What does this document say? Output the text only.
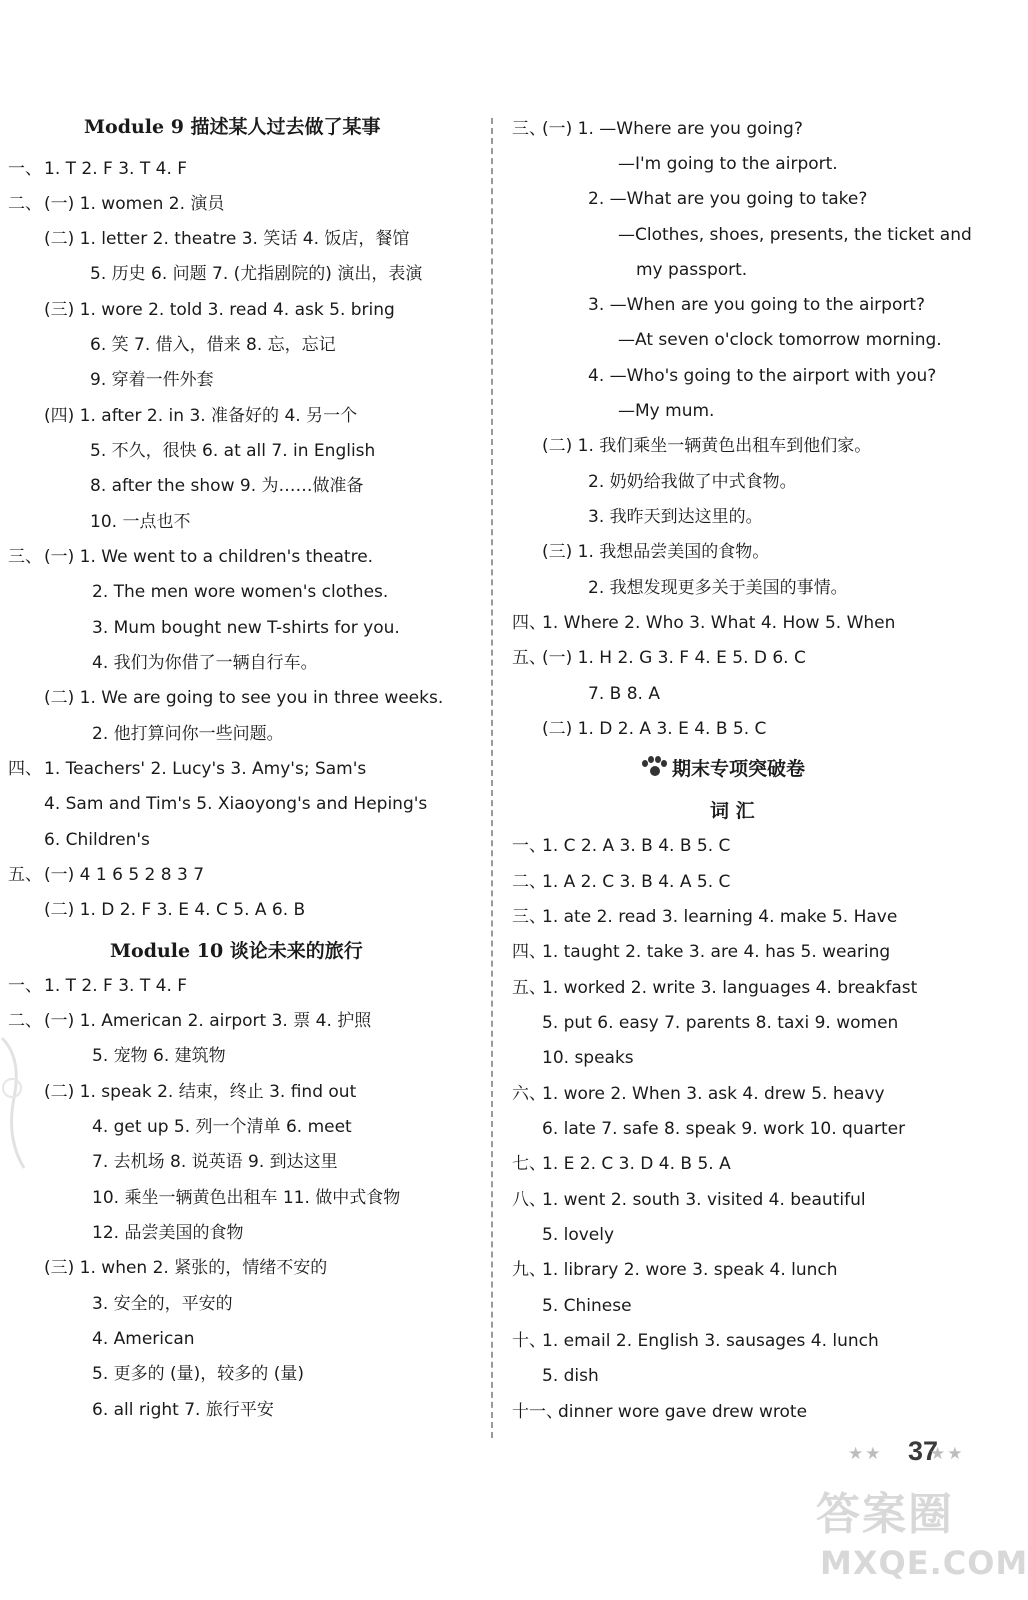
Module 9 描述某人过去做了某事
一、 1. T 2. F 3. T 4. F
二、 (一) 1. women 2. 演员
(二) 1. letter 2. theatre 3. 笑话 4. 饭店，餐馆
5. 历史 6. 问题 7. (尤指剧院的) 演出，表演
(三) 1. wore 2. told 3. read 4. ask 5. bring
6. 笑 7. 借入，借来 8. 忘，忘记
9. 穿着一件外套
(四) 1. after 2. in 3. 准备好的 4. 另一个
5. 不久，很快 6. at all 7. in English
8. after the show 9. 为……做准备
10. 一点也不
三、 (一) 1. We went to a children's theatre.
2. The men wore women's clothes.
3. Mum bought new T-shirts for you.
4. 我们为你借了一辆自行车。
(二) 1. We are going to see you in three weeks.
2. 他打算问你一些问题。
四、 1. Teachers' 2. Lucy's 3. Amy's; Sam's
4. Sam and Tim's 5. Xiaoyong's and Heping's
6. Children's
五、 (一) 4 1 6 5 2 8 3 7
(二) 1. D 2. F 3. E 4. C 5. A 6. B
Module 10 谈论未来的旅行
一、 1. T 2. F 3. T 4. F
二、 (一) 1. American 2. airport 3. 票 4. 护照
5. 宠物 6. 建筑物
(二) 1. speak 2. 结束，终止 3. find out
4. get up 5. 列一个清单 6. meet
7. 去机场 8. 说英语 9. 到达这里
10. 乘坐一辆黄色出租车 11. 做中式食物
12. 品尝美国的食物
(三) 1. when 2. 紧张的，情绪不安的
3. 安全的，平安的
4. American
5. 更多的 (量)，较多的 (量)
6. all right 7. 旅行平安
三、
(一) 1. —Where are you going?
—I'm going to the airport.
2. —What are you going to take?
—Clothes, shoes, presents, the ticket and
my passport.
3. —When are you going to the airport?
—At seven o'clock tomorrow morning.
4. —Who's going to the airport with you?
—My mum.
(二) 1. 我们乘坐一辆黄色出租车到他们家。
2. 奶奶给我做了中式食物。
3. 我昨天到达这里的。
(三) 1. 我想品尝美国的食物。
2. 我想发现更多关于美国的事情。
四、
1. Where 2. Who 3. What 4. How 5. When
五、
(一) 1. H 2. G 3. F 4. E 5. D 6. C
7. B 8. A
(二) 1. D 2. A 3. E 4. B 5. C
期末专项突破卷
词 汇
一、
1. C 2. A 3. B 4. B 5. C
二、
1. A 2. C 3. B 4. A 5. C
三、
1. ate 2. read 3. learning 4. make 5. Have
四、
1. taught 2. take 3. are 4. has 5. wearing
五、
1. worked 2. write 3. languages 4. breakfast
5. put 6. easy 7. parents 8. taxi 9. women
10. speaks
六、
1. wore 2. When 3. ask 4. drew 5. heavy
6. late 7. safe 8. speak 9. work 10. quarter
七、
1. E 2. C 3. D 4. B 5. A
八、
1. went 2. south 3. visited 4. beautiful
5. lovely
九、
1. library 2. wore 3. speak 4. lunch
5. Chinese
十、
1. email 2. English 3. sausages 4. lunch
5. dish
十一、
dinner wore gave drew wrote
★★ 37
★★
答案圈
MXQE.COM
